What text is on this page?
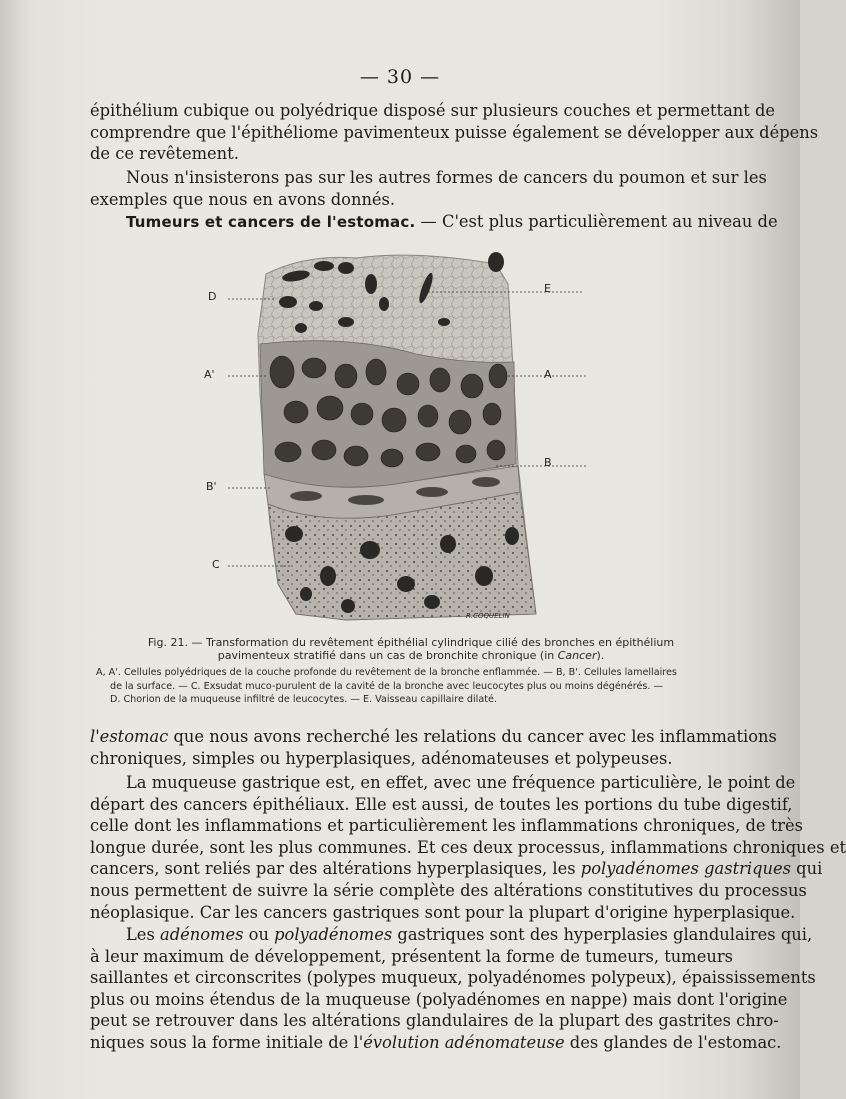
— 30 —

épithélium cubique ou polyédrique disposé sur plusieurs couches et permettant de
comprendre que l'épithéliome pavimenteux puisse également se développer aux dépens
de ce revêtement.

Nous n'insisterons pas sur les autres formes de cancers du poumon et sur les
exemples que nous en avons donnés.

Tumeurs et cancers de l'estomac. — C'est plus particulièrement au niveau de

D
A'
B'
C
E
A
B
R.COQUELIN
Fig. 21. — Transformation du revêtement épithélial cylindrique cilié des bronches en épithélium
pavimenteux stratifié dans un cas de bronchite chronique (in Cancer).
A, A'. Cellules polyédriques de la couche profonde du revêtement de la bronche enflammée. — B, B'. Cellules lamellaires
de la surface. — C. Exsudat muco-purulent de la cavité de la bronche avec leucocytes plus ou moins dégénérés. —
D. Chorion de la muqueuse infiltré de leucocytes. — E. Vaisseau capillaire dilaté.

l'estomac que nous avons recherché les relations du cancer avec les inflammations
chroniques, simples ou hyperplasiques, adénomateuses et polypeuses.

La muqueuse gastrique est, en effet, avec une fréquence particulière, le point de
départ des cancers épithéliaux. Elle est aussi, de toutes les portions du tube digestif,
celle dont les inflammations et particulièrement les inflammations chroniques, de très
longue durée, sont les plus communes. Et ces deux processus, inflammations chroniques et
cancers, sont reliés par des altérations hyperplasiques, les polyadénomes gastriques qui
nous permettent de suivre la série complète des altérations constitutives du processus
néoplasique. Car les cancers gastriques sont pour la plupart d'origine hyperplasique.

Les adénomes ou polyadénomes gastriques sont des hyperplasies glandulaires qui,
à leur maximum de développement, présentent la forme de tumeurs, tumeurs
saillantes et circonscrites (polypes muqueux, polyadénomes polypeux), épaississements
plus ou moins étendus de la muqueuse (polyadénomes en nappe) mais dont l'origine
peut se retrouver dans les altérations glandulaires de la plupart des gastrites chro-
niques sous la forme initiale de l'évolution adénomateuse des glandes de l'estomac.
